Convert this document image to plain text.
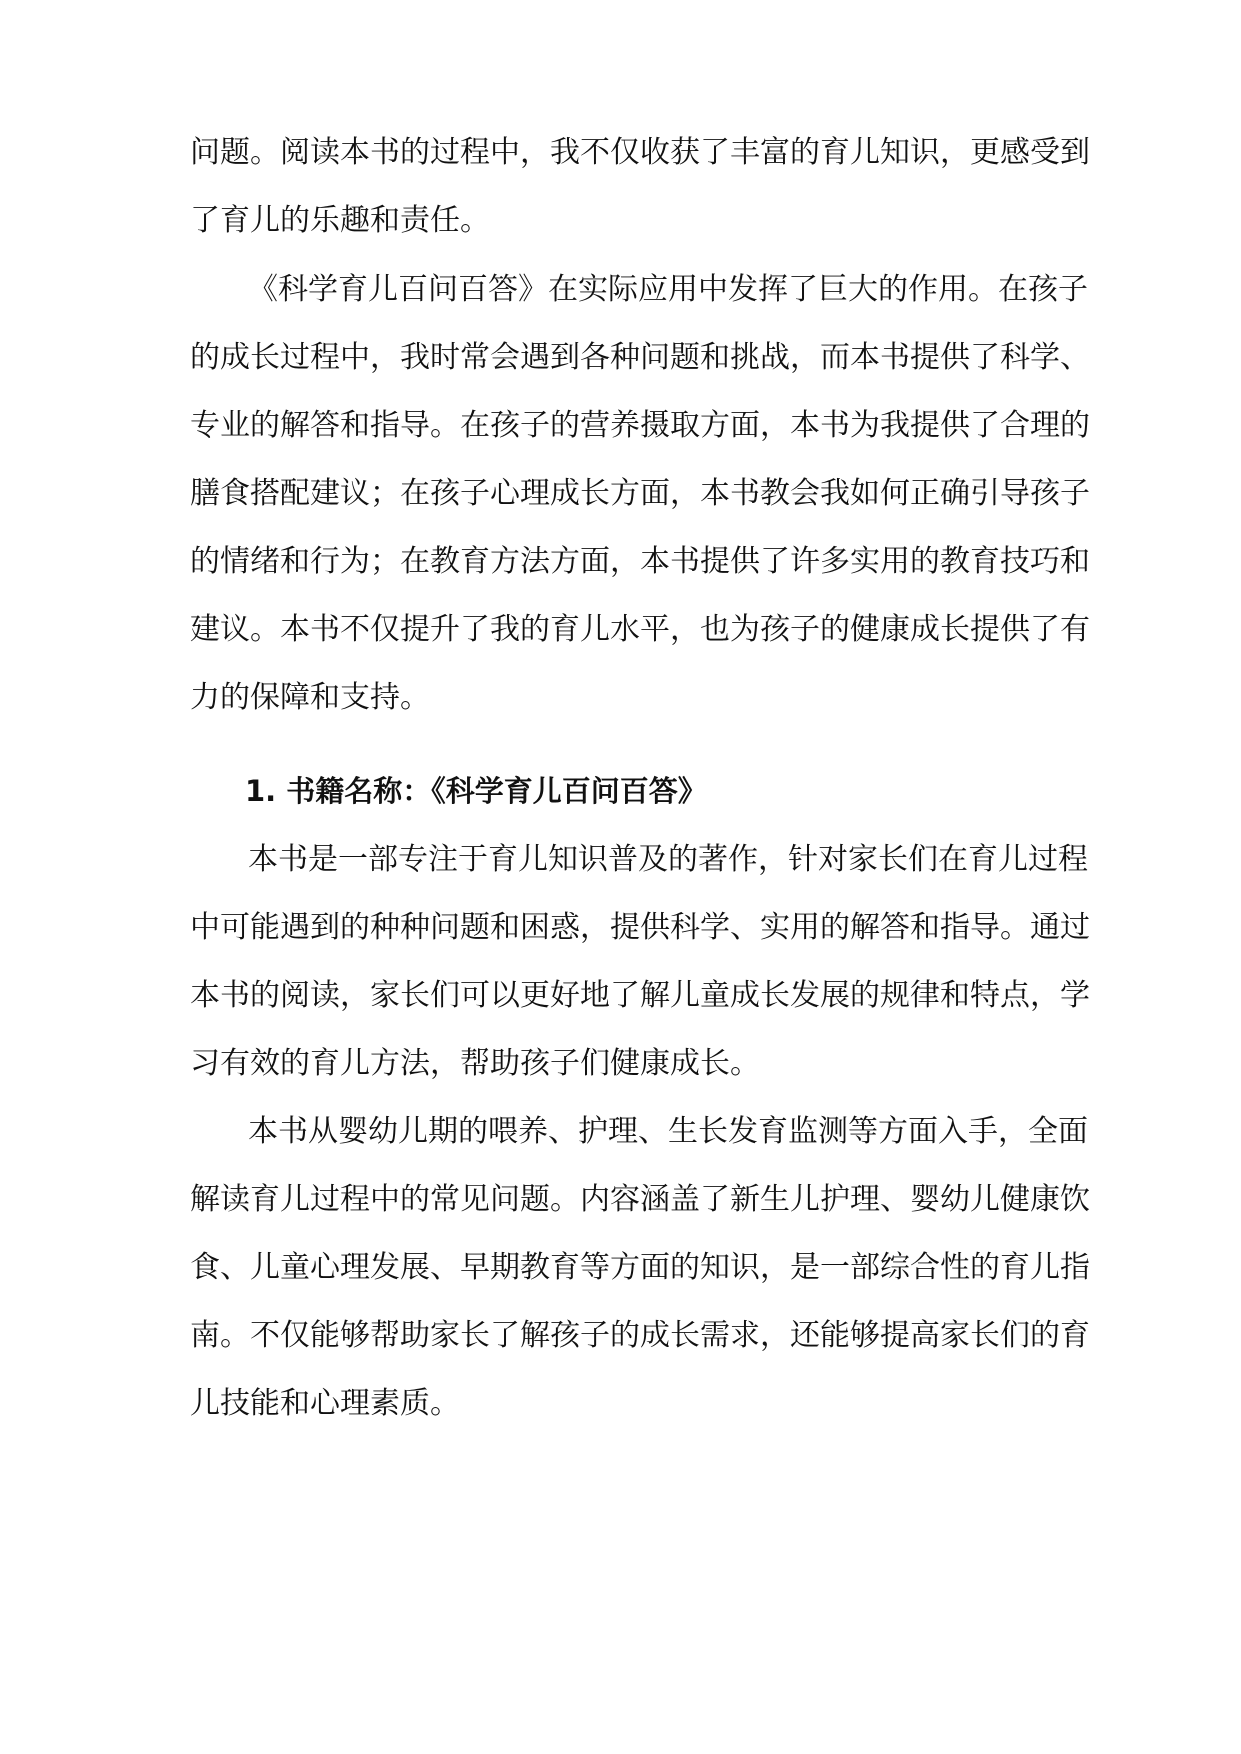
问题。阅读本书的过程中，我不仅收获了丰富的育儿知识，更感受到
了育儿的乐趣和责任。
《科学育儿百问百答》在实际应用中发挥了巨大的作用。在孩子
的成长过程中，我时常会遇到各种问题和挑战，而本书提供了科学、
专业的解答和指导。在孩子的营养摄取方面，本书为我提供了合理的
膳食搭配建议；在孩子心理成长方面，本书教会我如何正确引导孩子
的情绪和行为；在教育方法方面，本书提供了许多实用的教育技巧和
建议。本书不仅提升了我的育儿水平，也为孩子的健康成长提供了有
力的保障和支持。
1. 书籍名称：《科学育儿百问百答》
本书是一部专注于育儿知识普及的著作，针对家长们在育儿过程
中可能遇到的种种问题和困惑，提供科学、实用的解答和指导。通过
本书的阅读，家长们可以更好地了解儿童成长发展的规律和特点，学
习有效的育儿方法，帮助孩子们健康成长。
本书从婴幼儿期的喂养、护理、生长发育监测等方面入手，全面
解读育儿过程中的常见问题。内容涵盖了新生儿护理、婴幼儿健康饮
食、儿童心理发展、早期教育等方面的知识，是一部综合性的育儿指
南。不仅能够帮助家长了解孩子的成长需求，还能够提高家长们的育
儿技能和心理素质。
